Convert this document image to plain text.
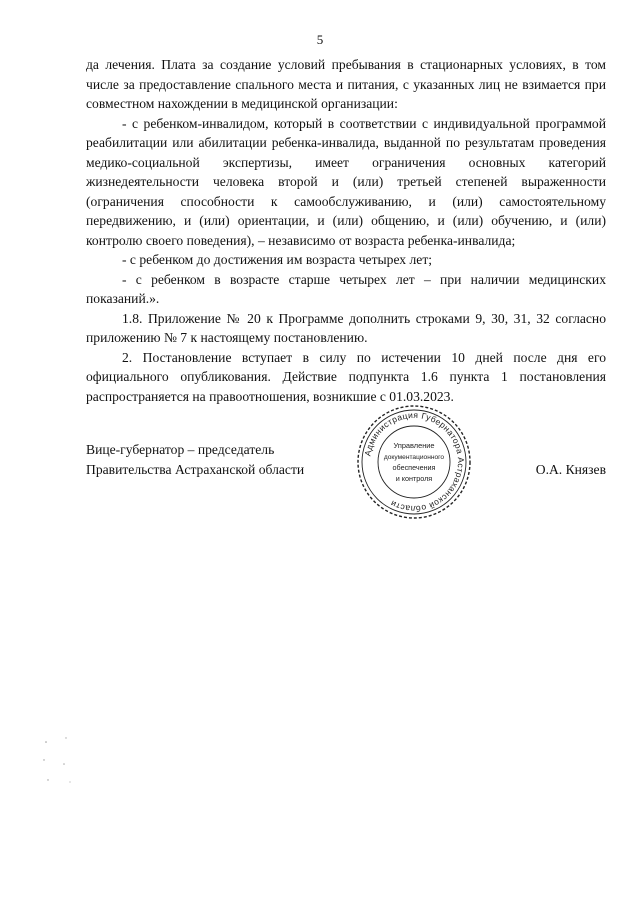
5

да лечения. Плата за создание условий пребывания в стационарных условиях, в том числе за предоставление спального места и питания, с указанных лиц не взимается при совместном нахождении в медицинской организации:

- с ребенком-инвалидом, который в соответствии с индивидуальной программой реабилитации или абилитации ребенка-инвалида, выданной по результатам проведения медико-социальной экспертизы, имеет ограничения основных категорий жизнедеятельности человека второй и (или) третьей степеней выраженности (ограничения способности к самообслуживанию, и (или) самостоятельному передвижению, и (или) ориентации, и (или) общению, и (или) обучению, и (или) контролю своего поведения), – независимо от возраста ребенка-инвалида;

- с ребенком до достижения им возраста четырех лет;

- с ребенком в возрасте старше четырех лет – при наличии медицинских показаний.».

1.8. Приложение № 20 к Программе дополнить строками 9, 30, 31, 32 согласно приложению № 7 к настоящему постановлению.

2. Постановление вступает в силу по истечении 10 дней после дня его официального опубликования. Действие подпункта 1.6 пункта 1 постановления распространяется на правоотношения, возникшие с 01.03.2023.

Вице-губернатор – председатель
Правительства Астраханской области
Администрация Губернатора Астраханской области
Управление
документационного
обеспечения
и контроля
О.А. Князев
